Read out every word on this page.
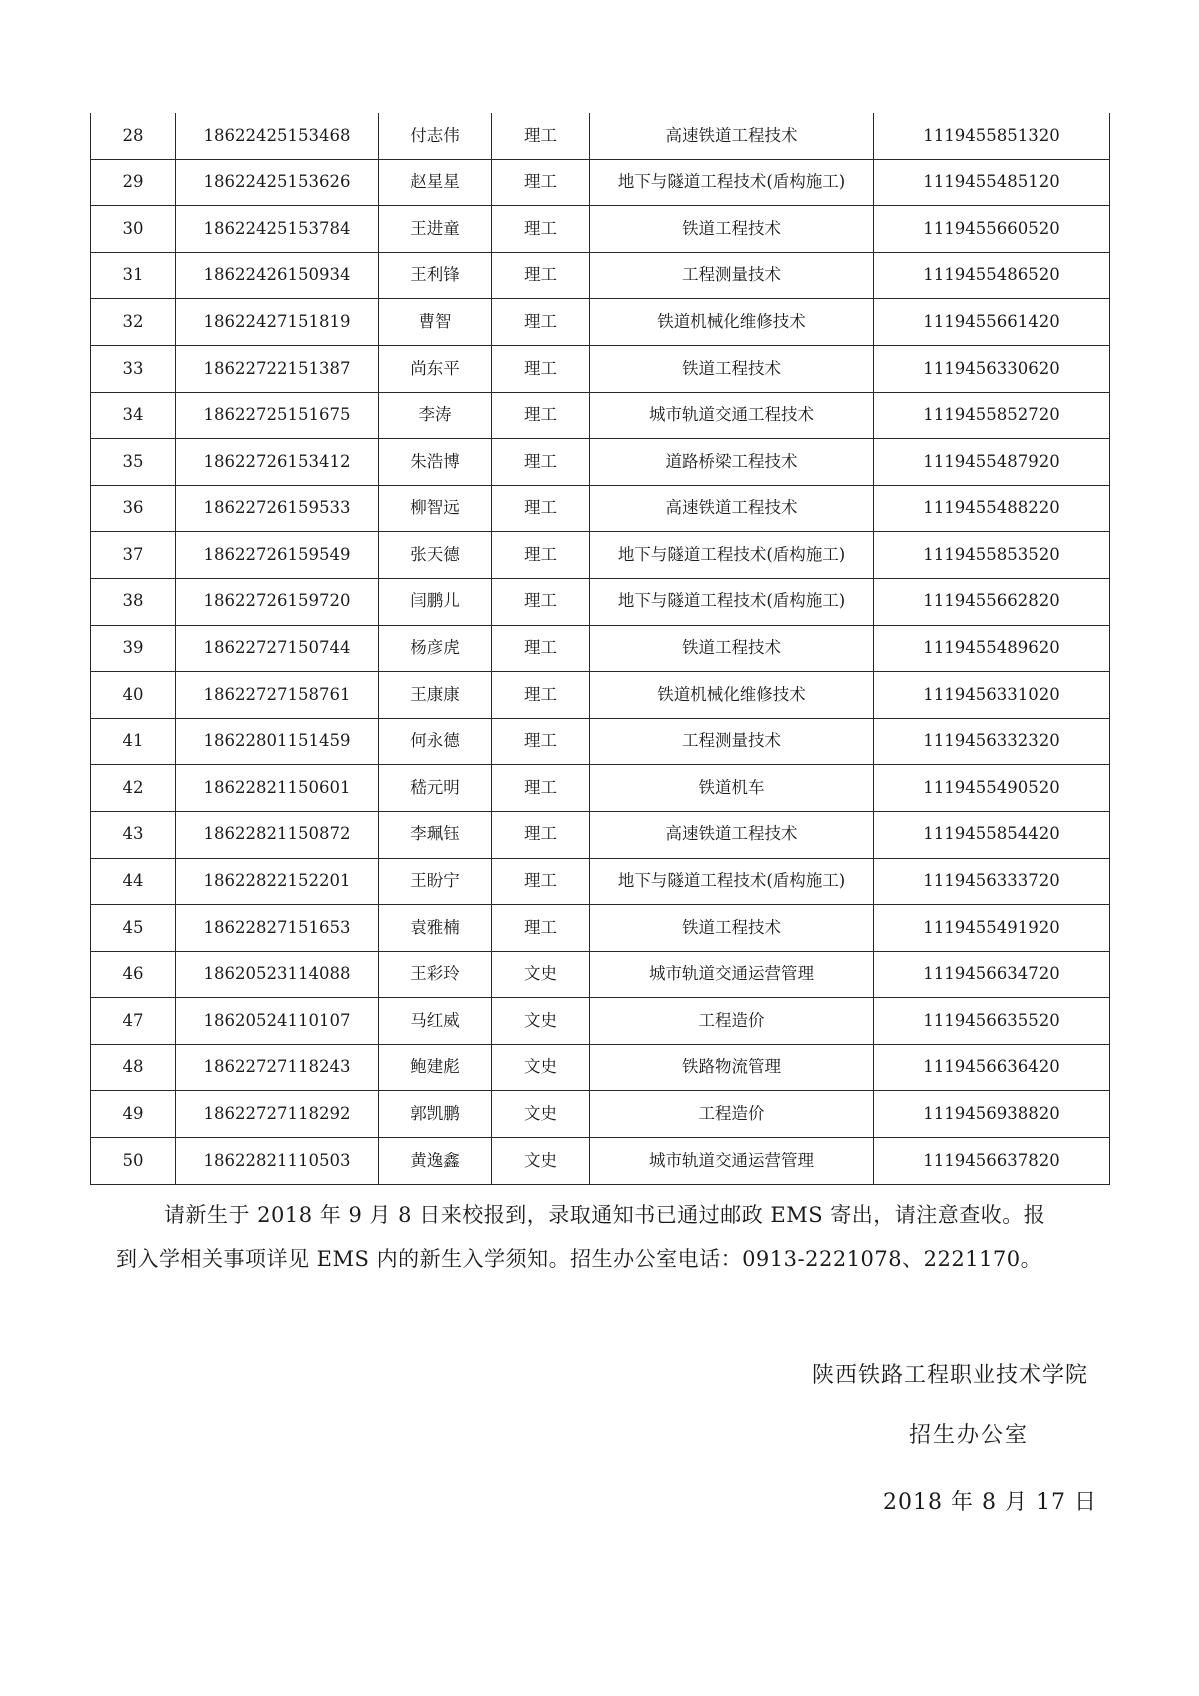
28	18622425153468	付志伟	理工	高速铁道工程技术	1119455851320
29	18622425153626	赵星星	理工	地下与隧道工程技术(盾构施工)	1119455485120
30	18622425153784	王进童	理工	铁道工程技术	1119455660520
31	18622426150934	王利锋	理工	工程测量技术	1119455486520
32	18622427151819	曹智	理工	铁道机械化维修技术	1119455661420
33	18622722151387	尚东平	理工	铁道工程技术	1119456330620
34	18622725151675	李涛	理工	城市轨道交通工程技术	1119455852720
35	18622726153412	朱浩博	理工	道路桥梁工程技术	1119455487920
36	18622726159533	柳智远	理工	高速铁道工程技术	1119455488220
37	18622726159549	张天德	理工	地下与隧道工程技术(盾构施工)	1119455853520
38	18622726159720	闫鹏儿	理工	地下与隧道工程技术(盾构施工)	1119455662820
39	18622727150744	杨彦虎	理工	铁道工程技术	1119455489620
40	18622727158761	王康康	理工	铁道机械化维修技术	1119456331020
41	18622801151459	何永德	理工	工程测量技术	1119456332320
42	18622821150601	嵇元明	理工	铁道机车	1119455490520
43	18622821150872	李珮钰	理工	高速铁道工程技术	1119455854420
44	18622822152201	王盼宁	理工	地下与隧道工程技术(盾构施工)	1119456333720
45	18622827151653	袁雅楠	理工	铁道工程技术	1119455491920
46	18620523114088	王彩玲	文史	城市轨道交通运营管理	1119456634720
47	18620524110107	马红威	文史	工程造价	1119456635520
48	18622727118243	鲍建彪	文史	铁路物流管理	1119456636420
49	18622727118292	郭凯鹏	文史	工程造价	1119456938820
50	18622821110503	黄逸鑫	文史	城市轨道交通运营管理	1119456637820

请新生于 2018 年 9 月 8 日来校报到，录取通知书已通过邮政 EMS 寄出，请注意查收。报
到入学相关事项详见 EMS 内的新生入学须知。招生办公室电话：0913-2221078、2221170。

陕西铁路工程职业技术学院

招生办公室

2018 年 8 月 17 日
